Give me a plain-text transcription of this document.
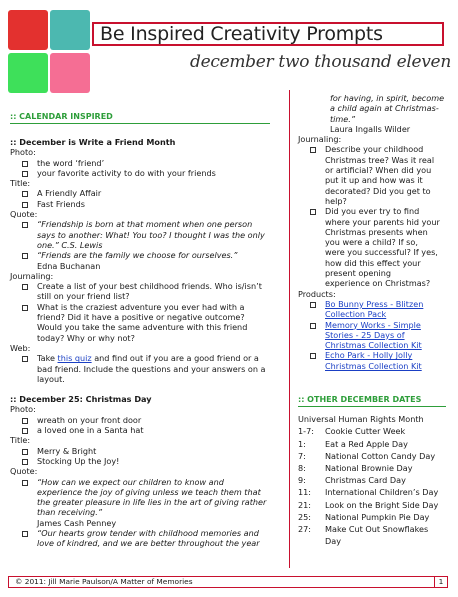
Be Inspired Creativity Prompts
december two thousand eleven
:: CALENDAR INSPIRED
:: December is Write a Friend Month
Photo:
the word ‘friend’
your favorite activity to do with your friends
Title:
A Friendly Affair
Fast Friends
Quote:
“Friendship is born at that moment when one person
says to another: What! You too? I thought I was the only
one.” C.S. Lewis
“Friends are the family we choose for ourselves.”
Edna Buchanan
Journaling:
Create a list of your best childhood friends. Who is/isn’t
still on your friend list?
What is the craziest adventure you ever had with a
friend? Did it have a positive or negative outcome?
Would you take the same adventure with this friend
today? Why or why not?
Web:
Take this quiz and find out if you are a good friend or a
bad friend. Include the questions and your answers on a
layout.
:: December 25: Christmas Day
Photo:
wreath on your front door
a loved one in a Santa hat
Title:
Merry & Bright
Stocking Up the Joy!
Quote:
“How can we expect our children to know and
experience the joy of giving unless we teach them that
the greater pleasure in life lies in the art of giving rather
than receiving.”
James Cash Penney
“Our hearts grow tender with childhood memories and
love of kindred, and we are better throughout the year
for having, in spirit, become
a child again at Christmas-
time.”
Laura Ingalls Wilder
Journaling:
Describe your childhood
Christmas tree? Was it real
or artificial? When did you
put it up and how was it
decorated? Did you get to
help?
Did you ever try to find
where your parents hid your
Christmas presents when
you were a child? If so,
were you successful? If yes,
how did this effect your
present opening
experience on Christmas?
Products:
Bo Bunny Press - Blitzen
Collection Pack
Memory Works - Simple
Stories - 25 Days of
Christmas Collection Kit
Echo Park - Holly Jolly
Christmas Collection Kit
:: OTHER DECEMBER DATES
Universal Human Rights Month
1-7:	Cookie Cutter Week
1:	Eat a Red Apple Day
7:	National Cotton Candy Day
8:	National Brownie Day
9:	Christmas Card Day
11:	International Children’s Day
21:	Look on the Bright Side Day
25:	National Pumpkin Pie Day
27:	Make Cut Out Snowflakes
Day
© 2011: Jill Marie Paulson/A Matter of Memories	1
